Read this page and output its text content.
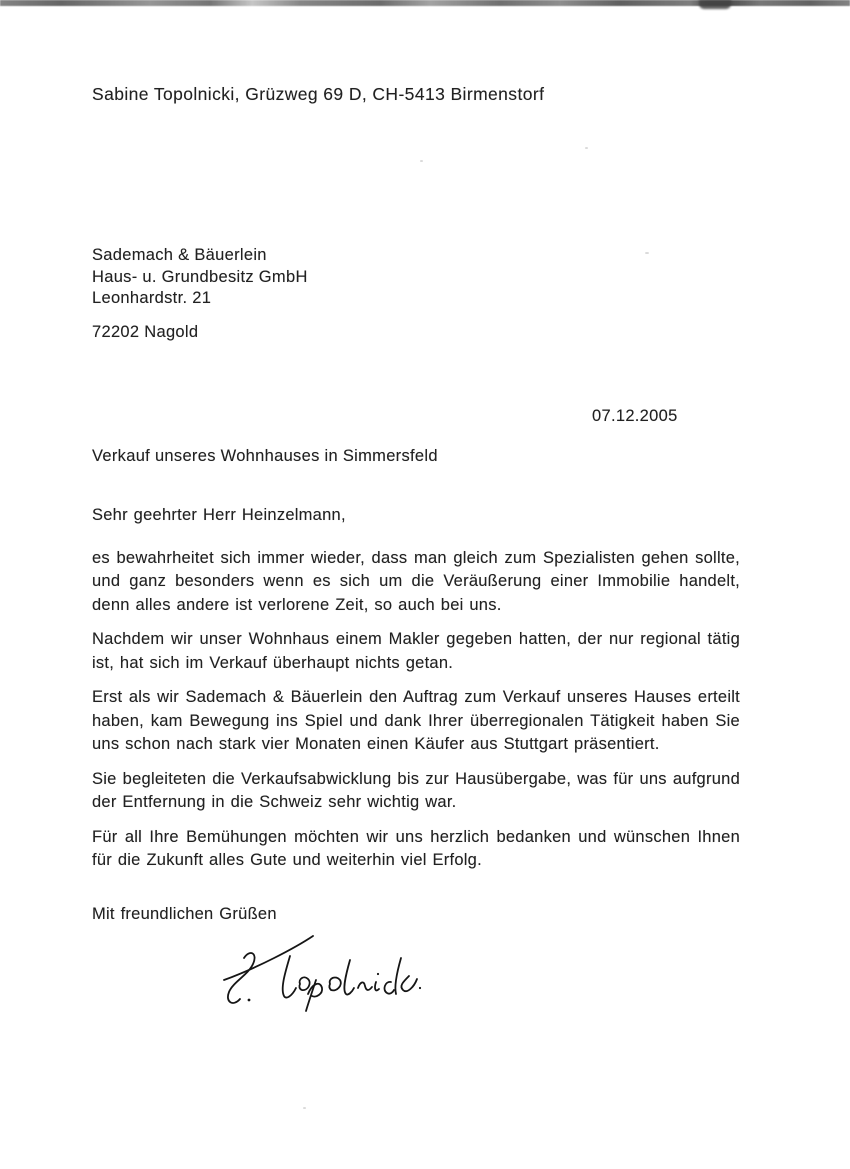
Sabine Topolnicki, Grüzweg 69 D, CH-5413 Birmenstorf
Sademach & Bäuerlein
Haus- u. Grundbesitz GmbH
Leonhardstr. 21
72202 Nagold
07.12.2005
Verkauf unseres Wohnhauses in Simmersfeld

Sehr geehrter Herr Heinzelmann,

es bewahrheitet sich immer wieder, dass man gleich zum Spezialisten gehen sollte, und ganz besonders wenn es sich um die Veräußerung einer Immobilie handelt, denn alles andere ist verlorene Zeit, so auch bei uns.

Nachdem wir unser Wohnhaus einem Makler gegeben hatten, der nur regional tätig ist, hat sich im Verkauf überhaupt nichts getan.

Erst als wir Sademach & Bäuerlein den Auftrag zum Verkauf unseres Hauses erteilt haben, kam Bewegung ins Spiel und dank Ihrer überregionalen Tätigkeit haben Sie uns schon nach stark vier Monaten einen Käufer aus Stuttgart präsentiert.

Sie begleiteten die Verkaufsabwicklung bis zur Hausübergabe, was für uns aufgrund der Entfernung in die Schweiz sehr wichtig war.

Für all Ihre Bemühungen möchten wir uns herzlich bedanken und wünschen Ihnen für die Zukunft alles Gute und weiterhin viel Erfolg.

Mit freundlichen Grüßen
